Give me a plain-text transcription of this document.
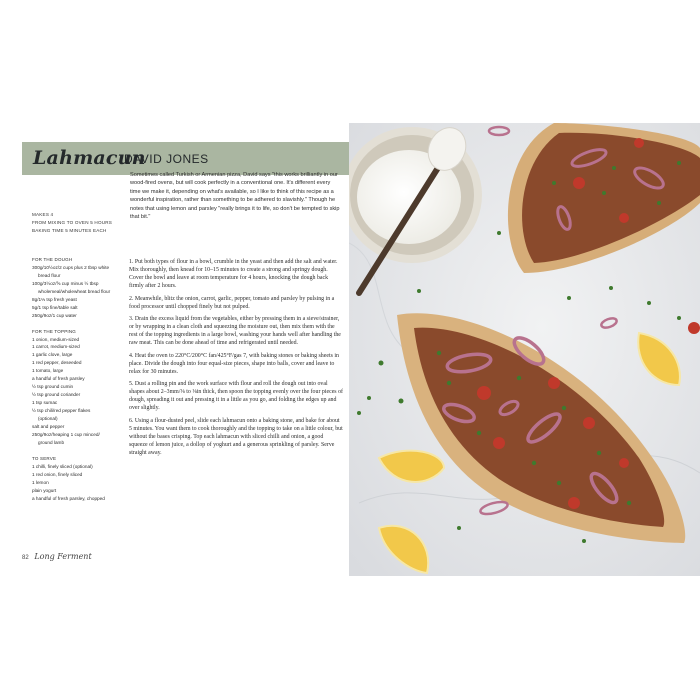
Lahmacun
DAVID JONES
Sometimes called Turkish or Armenian pizza, David says "this works brilliantly in our wood-fired ovens, but will cook perfectly in a conventional one. It's different every time we make it, depending on what's available, so I like to think of this recipe as a wonderful inspiration, rather than something to be adhered to slavishly." Though he notes that using lemon and parsley "really brings it to life, so don't be tempted to skip that bit."
MAKES 4
FROM MIXING TO OVEN 5 HOURS
BAKING TIME 5 MINUTES EACH
FOR THE DOUGH
300g/10½oz/2 cups plus 2 tbsp white
bread flour
100g/3½oz/⅝ cup minus ½ tbsp
wholemeal/wholewheat bread flour
8g/1⅓ tsp fresh yeast
5g/1 tsp fine/table salt
250g/9oz/1 cup water
FOR THE TOPPING
1 onion, medium-sized
1 carrot, medium-sized
1 garlic clove, large
1 red pepper, deseeded
1 tomato, large
a handful of fresh parsley
½ tsp ground cumin
½ tsp ground coriander
1 tsp sumac
½ tsp chili/red pepper flakes
(optional)
salt and pepper
250g/9oz/heaping 1 cup minced/
ground lamb
TO SERVE
1 chilli, finely sliced (optional)
1 red onion, finely sliced
1 lemon
plain yogurt
a handful of fresh parsley, chopped

1. Put both types of flour in a bowl, crumble in the yeast and then add the salt and water. Mix thoroughly, then knead for 10–15 minutes to create a strong and springy dough. Cover the bowl and leave at room temperature for 4 hours, knocking the dough back firmly after 2 hours.

2. Meanwhile, blitz the onion, carrot, garlic, pepper, tomato and parsley by pulsing in a food processor until chopped finely but not pulped.

3. Drain the excess liquid from the vegetables, either by pressing them in a sieve/strainer, or by wrapping in a clean cloth and squeezing the moisture out, then mix them with the rest of the topping ingredients in a large bowl, washing your hands well after handling the raw meat. This can be done ahead of time and refrigerated until needed.

4. Heat the oven to 220°C/200°C fan/425°F/gas 7, with baking stones or baking sheets in place. Divide the dough into four equal-size pieces, shape into balls, cover and leave to relax for 30 minutes.

5. Dust a rolling pin and the work surface with flour and roll the dough out into oval shapes about 2–3mm/⅛ to ⅛in thick, then spoon the topping evenly over the four pieces of dough, spreading it out and pressing it in a little as you go, and folding the edges up and over slightly.

6. Using a flour-dusted peel, slide each lahmacun onto a baking stone, and bake for about 5 minutes. You want them to cook thoroughly and the topping to take on a little colour, but without the bases crisping. Top each lahmacun with sliced chilli and onion, a good squeeze of lemon juice, a dollop of yoghurt and a generous sprinkling of parsley. Serve straight away.

82 Long Ferment
